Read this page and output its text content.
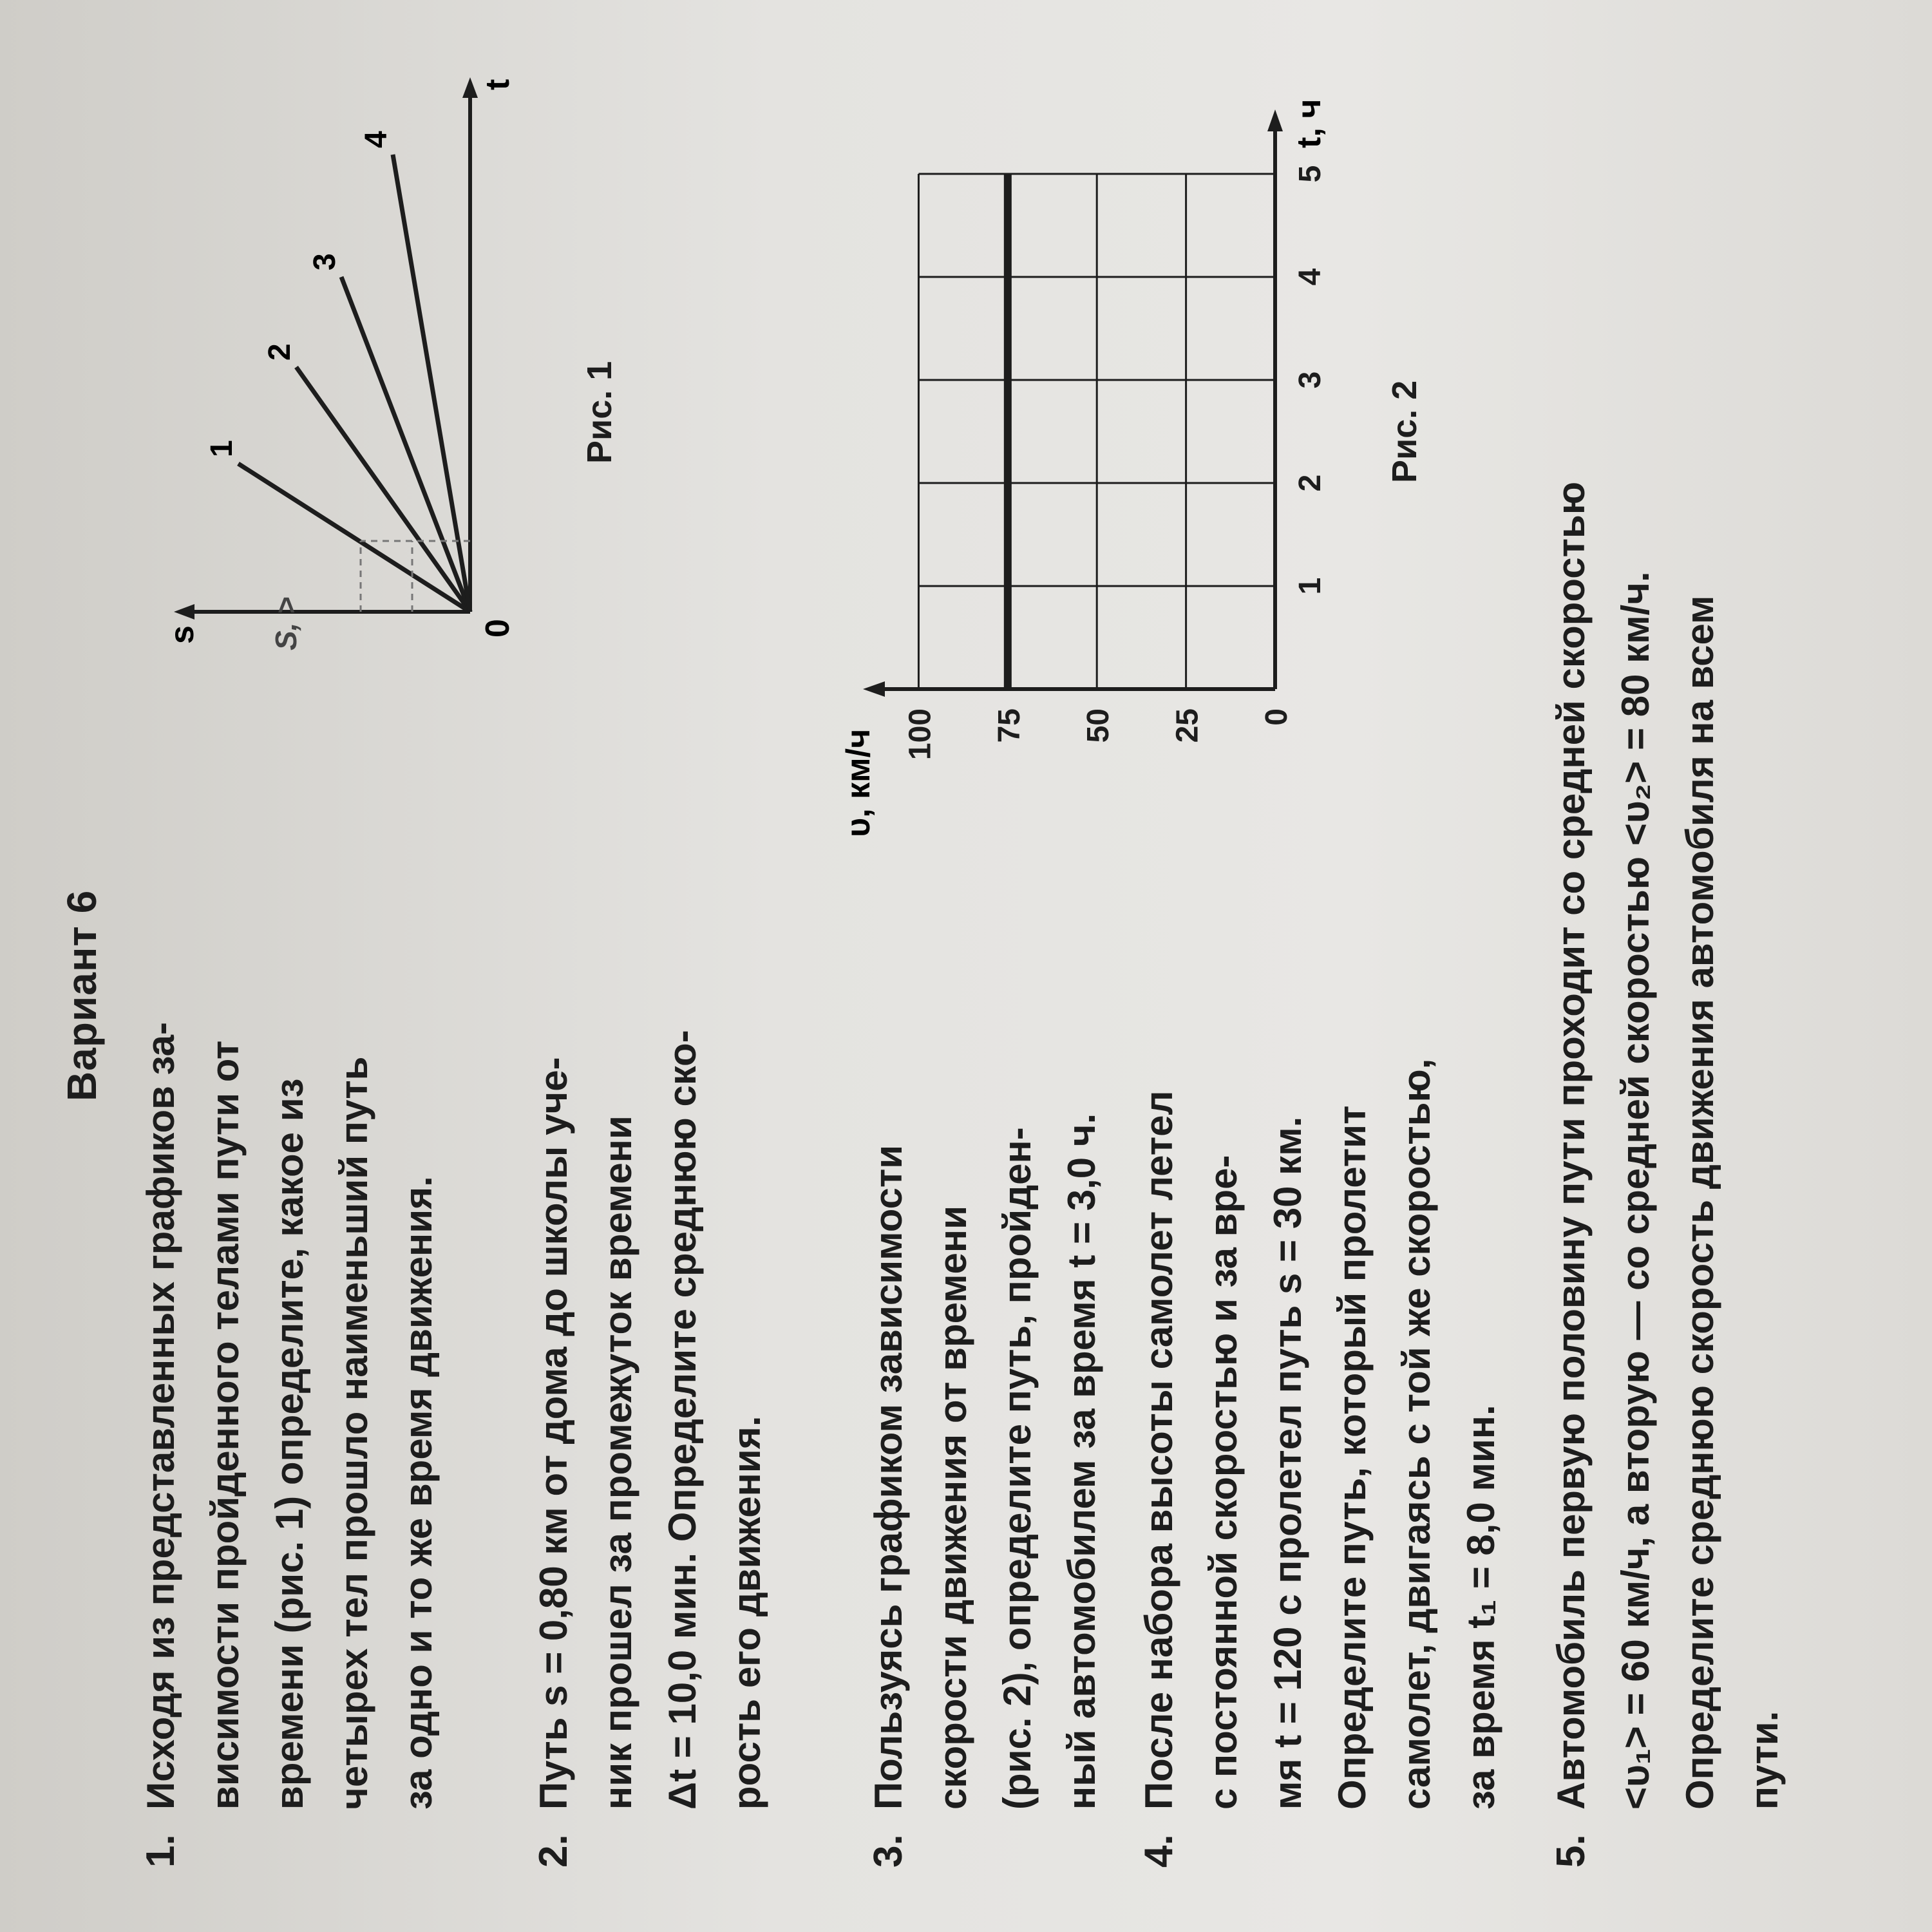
Вариант 6
1.
Исходя из представленных графиков за- висимости пройденного телами пути от времени (рис. 1) определите, какое из четырех тел прошло наименьший путь за одно и то же время движения.
s
t
0
1
2
3
4
S, >
Рис. 1
2.
Путь s = 0,80 км от дома до школы уче- ник прошел за промежуток времени Δt = 10,0 мин. Определите среднюю ско- рость его движения.
3.
Пользуясь графиком зависимости скорости движения от времени (рис. 2), определите путь, пройден- ный автомобилем за время t = 3,0 ч.
4.
После набора высоты самолет летел с постоянной скоростью и за вре- мя t = 120 с пролетел путь s = 30 км. Определите путь, который пролетит самолет, двигаясь с той же скоростью, за время t₁ = 8,0 мин.
0
25
50
75
100
1
2
3
4
5
υ, км/ч
t, ч
Рис. 2
5.
Автомобиль первую половину пути проходит со средней скоростью <υ₁> = 60 км/ч, а вторую — со средней скоростью <υ₂> = 80 км/ч. Определите среднюю скорость движения автомобиля на всем пути.
